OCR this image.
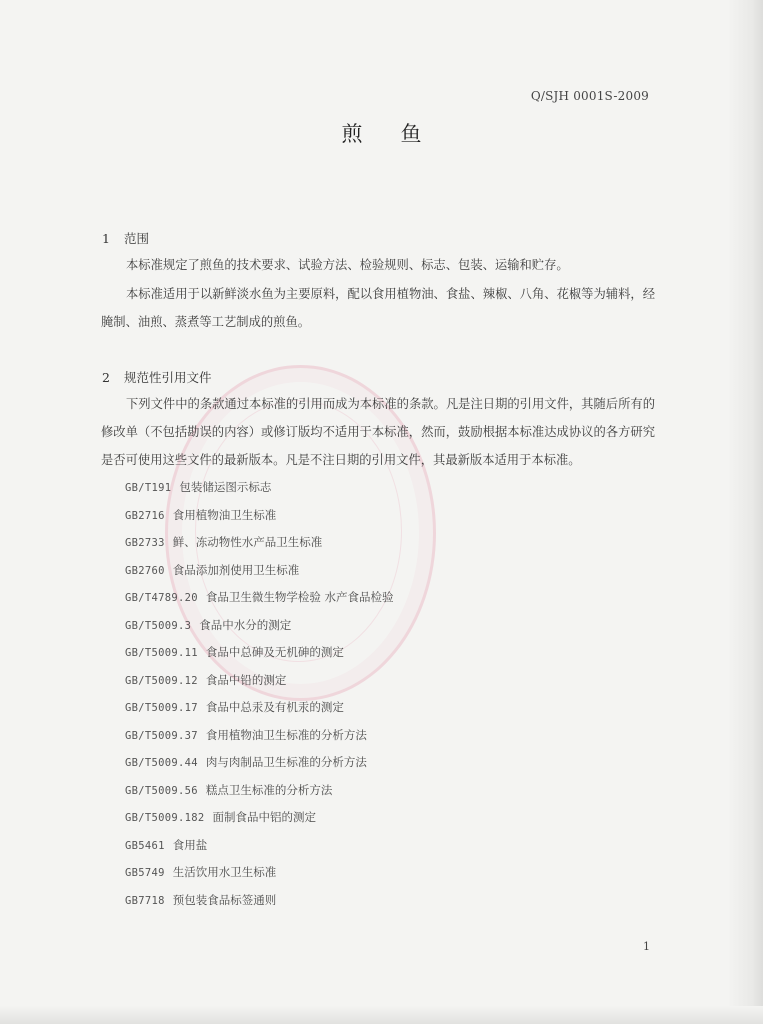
Q/SJH 0001S-2009
煎鱼
1 范围
本标准规定了煎鱼的技术要求、试验方法、检验规则、标志、包装、运输和贮存。
本标准适用于以新鲜淡水鱼为主要原料，配以食用植物油、食盐、辣椒、八角、花椒等为辅料，经腌制、油煎、蒸煮等工艺制成的煎鱼。
2 规范性引用文件
下列文件中的条款通过本标准的引用而成为本标准的条款。凡是注日期的引用文件，其随后所有的修改单（不包括勘误的内容）或修订版均不适用于本标准，然而，鼓励根据本标准达成协议的各方研究是否可使用这些文件的最新版本。凡是不注日期的引用文件，其最新版本适用于本标准。
GB/T191 包装储运图示标志
GB2716 食用植物油卫生标准
GB2733 鲜、冻动物性水产品卫生标准
GB2760 食品添加剂使用卫生标准
GB/T4789.20 食品卫生微生物学检验 水产食品检验
GB/T5009.3 食品中水分的测定
GB/T5009.11 食品中总砷及无机砷的测定
GB/T5009.12 食品中铅的测定
GB/T5009.17 食品中总汞及有机汞的测定
GB/T5009.37 食用植物油卫生标准的分析方法
GB/T5009.44 肉与肉制品卫生标准的分析方法
GB/T5009.56 糕点卫生标准的分析方法
GB/T5009.182 面制食品中铝的测定
GB5461 食用盐
GB5749 生活饮用水卫生标准
GB7718 预包装食品标签通则
1
